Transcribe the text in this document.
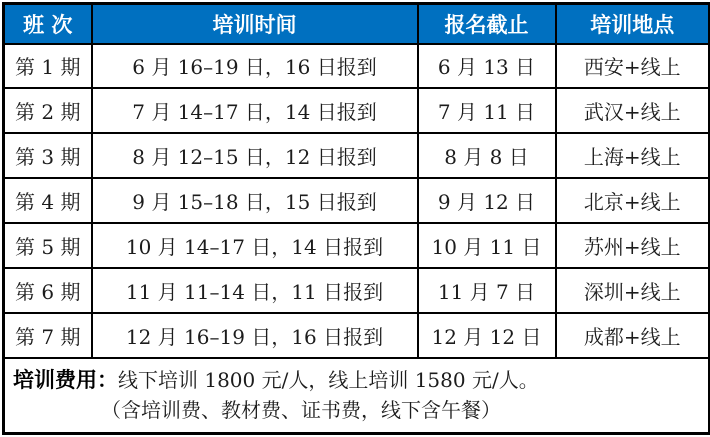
班 次	培训时间	报名截止	培训地点
第 1 期	6 月 16–19 日，16 日报到	6 月 13 日	西安+线上
第 2 期	7 月 14–17 日，14 日报到	7 月 11 日	武汉+线上
第 3 期	8 月 12–15 日，12 日报到	8 月 8 日	上海+线上
第 4 期	9 月 15–18 日，15 日报到	9 月 12 日	北京+线上
第 5 期	10 月 14–17 日，14 日报到	10 月 11 日	苏州+线上
第 6 期	11 月 11–14 日，11 日报到	11 月 7 日	深圳+线上
第 7 期	12 月 16–19 日，16 日报到	12 月 12 日	成都+线上

培训费用： 线下培训 1800 元/人，线上培训 1580 元/人。
（含培训费、教材费、证书费，线下含午餐）			
